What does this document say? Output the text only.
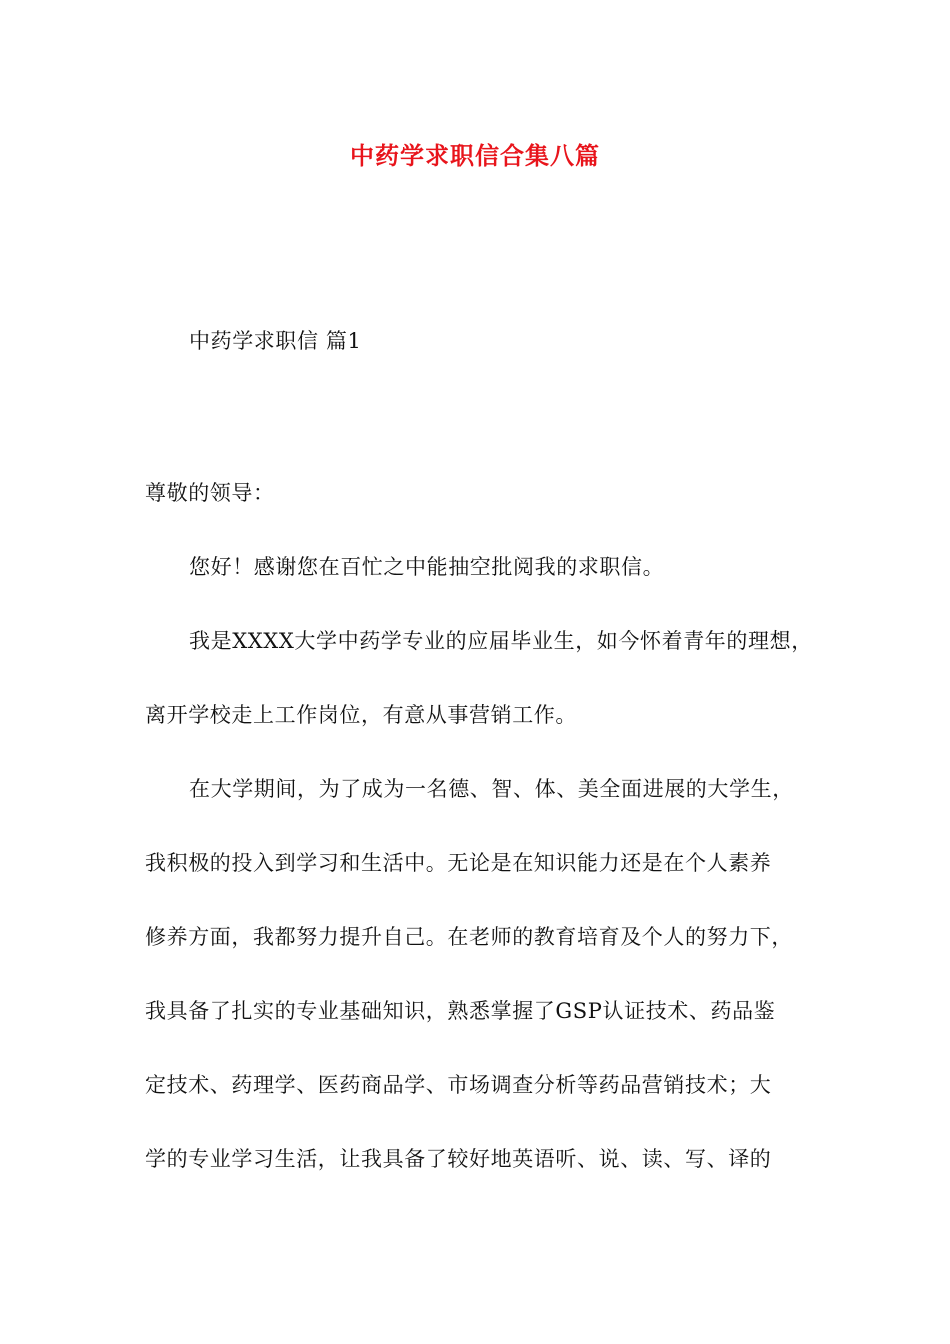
中药学求职信合集八篇
中药学求职信 篇1
尊敬的领导：
您好！感谢您在百忙之中能抽空批阅我的求职信。
我是XXXX大学中药学专业的应届毕业生，如今怀着青年的理想，
离开学校走上工作岗位，有意从事营销工作。
在大学期间，为了成为一名德、智、体、美全面进展的大学生，
我积极的投入到学习和生活中。无论是在知识能力还是在个人素养
修养方面，我都努力提升自己。在老师的教育培育及个人的努力下，
我具备了扎实的专业基础知识，熟悉掌握了GSP认证技术、药品鉴
定技术、药理学、医药商品学、市场调查分析等药品营销技术；大
学的专业学习生活，让我具备了较好地英语听、说、读、写、译的
